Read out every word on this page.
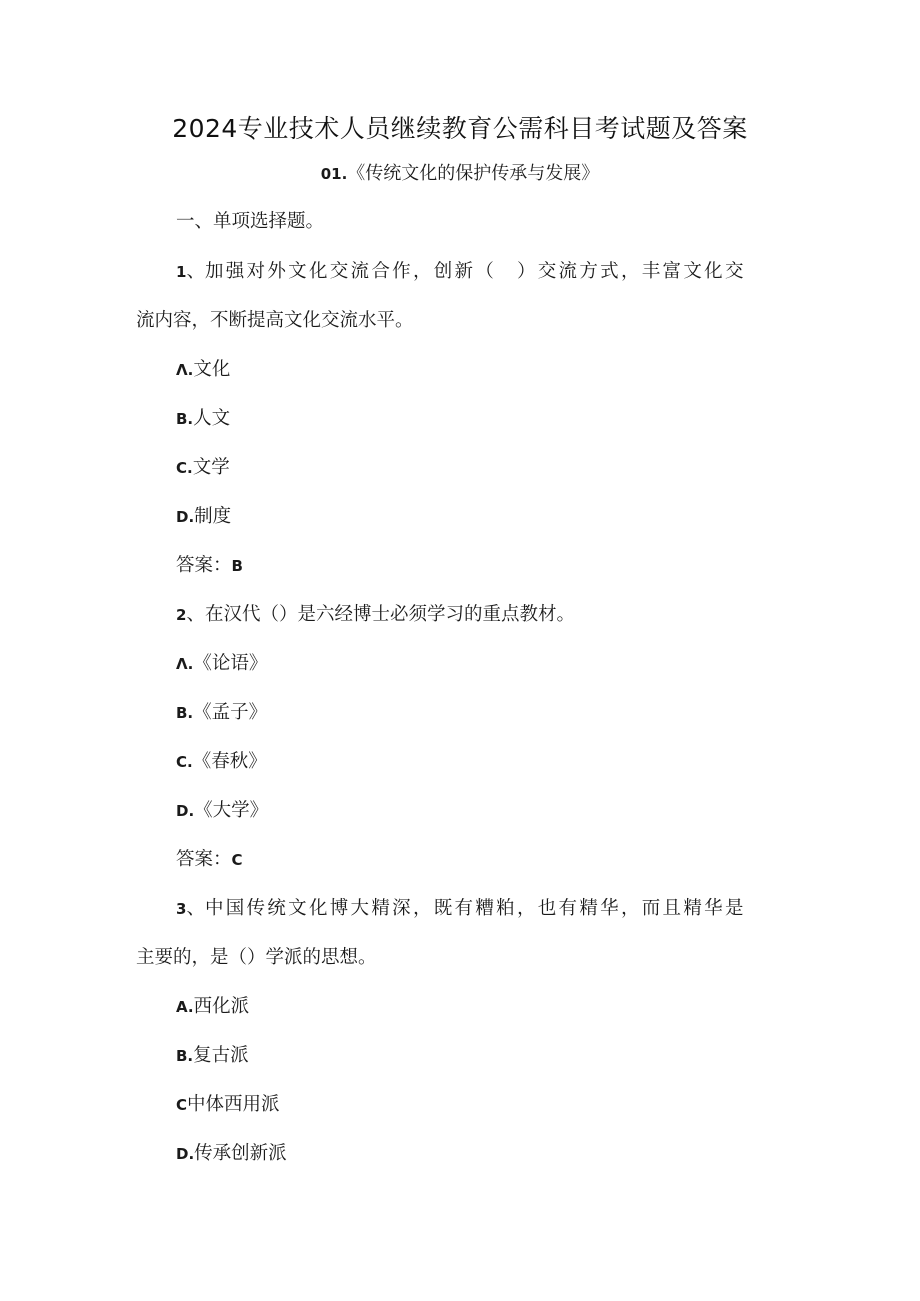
2024专业技术人员继续教育公需科目考试题及答案
01.《传统文化的保护传承与发展》
一、单项选择题。
1、加强对外文化交流合作，创新（　）交流方式，丰富文化交
流内容，不断提高文化交流水平。
Λ.文化
B.人文
C.文学
D.制度
答案：B
2、在汉代（）是六经博士必须学习的重点教材。
Λ.《论语》
B.《孟子》
C.《春秋》
D.《大学》
答案：C
3、中国传统文化博大精深，既有糟粕，也有精华，而且精华是
主要的，是（）学派的思想。
A.西化派
B.复古派
C中体西用派
D.传承创新派
